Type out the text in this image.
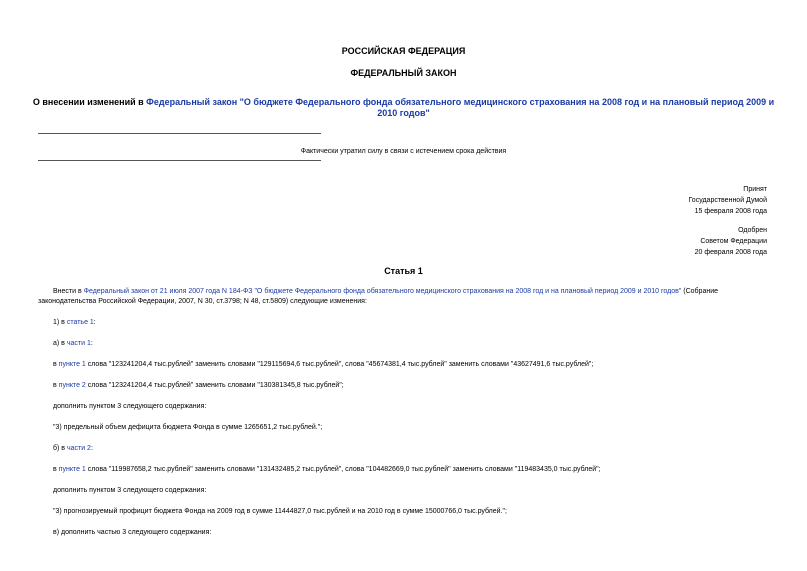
РОССИЙСКАЯ ФЕДЕРАЦИЯ

ФЕДЕРАЛЬНЫЙ ЗАКОН

О внесении изменений в Федеральный закон "О бюджете Федерального фонда обязательного медицинского страхования на 2008 год и на плановый период 2009 и

2010 годов"

Фактически утратил силу в связи с истечением срока действия

Принят

Государственной Думой

15 февраля 2008 года

Одобрен

Советом Федерации

20 февраля 2008 года

Статья 1

Внести в Федеральный закон от 21 июля 2007 года N 184-ФЗ "О бюджете Федерального фонда обязательного медицинского страхования на 2008 год и на плановый период 2009 и 2010 годов" (Собрание

законодательства Российской Федерации, 2007, N 30, ст.3798; N 48, ст.5809) следующие изменения:

1) в статье 1:

а) в части 1:

в пункте 1 слова "123241204,4 тыс.рублей" заменить словами "129115694,6 тыс.рублей", слова "45674381,4 тыс.рублей" заменить словами "43627491,6 тыс.рублей";

в пункте 2 слова "123241204,4 тыс.рублей" заменить словами "130381345,8 тыс.рублей";

дополнить пунктом 3 следующего содержания:

"3) предельный объем дефицита бюджета Фонда в сумме 1265651,2 тыс.рублей.";

б) в части 2:

в пункте 1 слова "119987658,2 тыс.рублей" заменить словами "131432485,2 тыс.рублей", слова "104482669,0 тыс.рублей" заменить словами "119483435,0 тыс.рублей";

дополнить пунктом 3 следующего содержания:

"3) прогнозируемый профицит бюджета Фонда на 2009 год в сумме 11444827,0 тыс.рублей и на 2010 год в сумме 15000766,0 тыс.рублей.";

в) дополнить частью 3 следующего содержания:
